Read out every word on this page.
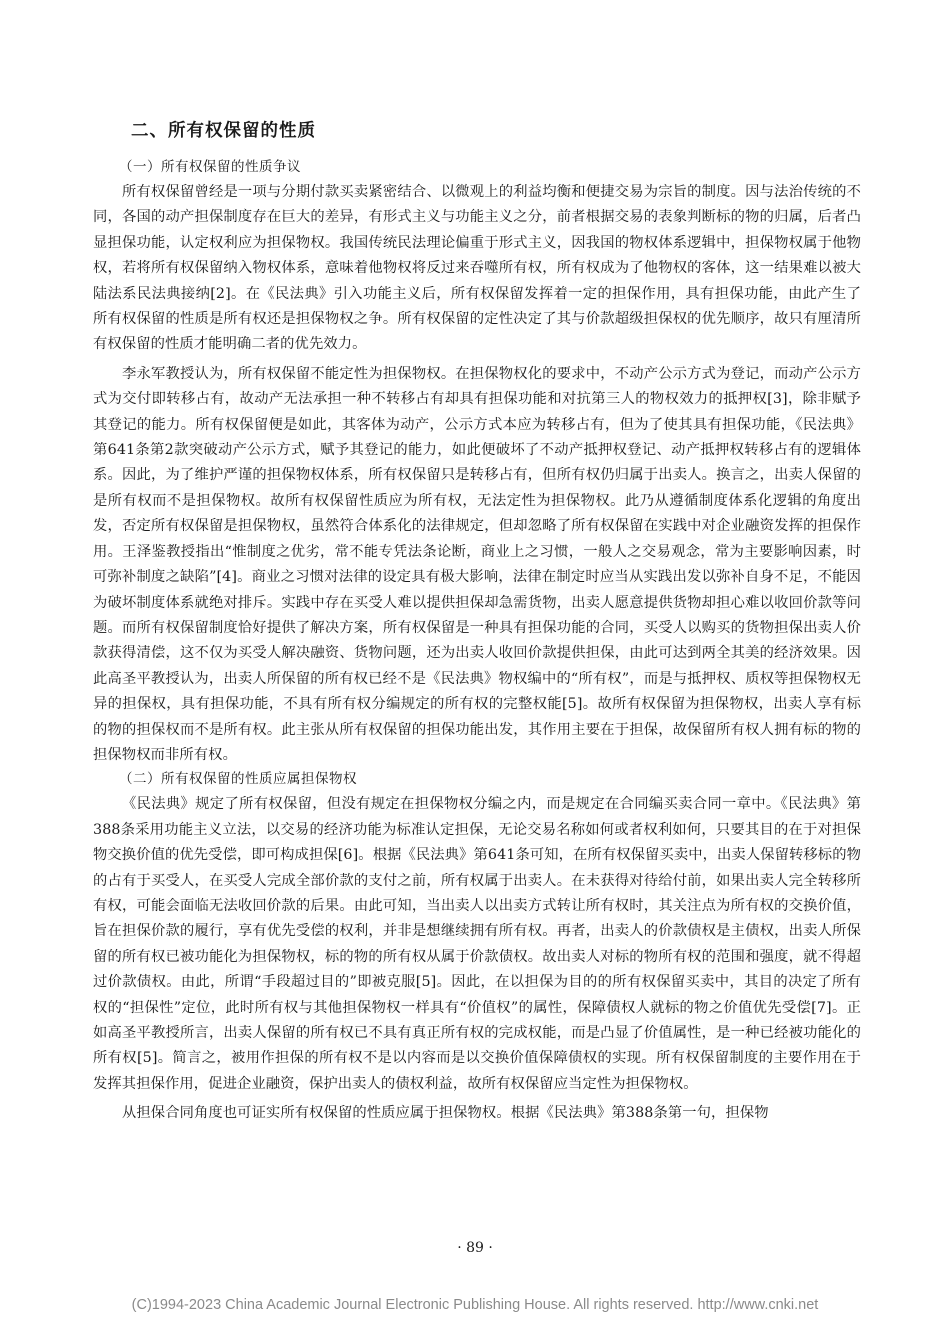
二、所有权保留的性质
（一）所有权保留的性质争议

所有权保留曾经是一项与分期付款买卖紧密结合、以微观上的利益均衡和便捷交易为宗旨的制度。因与法治传统的不同，各国的动产担保制度存在巨大的差异，有形式主义与功能主义之分，前者根据交易的表象判断标的物的归属，后者凸显担保功能，认定权利应为担保物权。我国传统民法理论偏重于形式主义，因我国的物权体系逻辑中，担保物权属于他物权，若将所有权保留纳入物权体系，意味着他物权将反过来吞噬所有权，所有权成为了他物权的客体，这一结果难以被大陆法系民法典接纳[2]。在《民法典》引入功能主义后，所有权保留发挥着一定的担保作用，具有担保功能，由此产生了所有权保留的性质是所有权还是担保物权之争。所有权保留的定性决定了其与价款超级担保权的优先顺序，故只有厘清所有权保留的性质才能明确二者的优先效力。

李永军教授认为，所有权保留不能定性为担保物权。在担保物权化的要求中，不动产公示方式为登记，而动产公示方式为交付即转移占有，故动产无法承担一种不转移占有却具有担保功能和对抗第三人的物权效力的抵押权[3]，除非赋予其登记的能力。所有权保留便是如此，其客体为动产，公示方式本应为转移占有，但为了使其具有担保功能，《民法典》第641条第2款突破动产公示方式，赋予其登记的能力，如此便破坏了不动产抵押权登记、动产抵押权转移占有的逻辑体系。因此，为了维护严谨的担保物权体系，所有权保留只是转移占有，但所有权仍归属于出卖人。换言之，出卖人保留的是所有权而不是担保物权。故所有权保留性质应为所有权，无法定性为担保物权。此乃从遵循制度体系化逻辑的角度出发，否定所有权保留是担保物权，虽然符合体系化的法律规定，但却忽略了所有权保留在实践中对企业融资发挥的担保作用。王泽鉴教授指出“惟制度之优劣，常不能专凭法条论断，商业上之习惯，一般人之交易观念，常为主要影响因素，时可弥补制度之缺陷”[4]。商业之习惯对法律的设定具有极大影响，法律在制定时应当从实践出发以弥补自身不足，不能因为破坏制度体系就绝对排斥。实践中存在买受人难以提供担保却急需货物，出卖人愿意提供货物却担心难以收回价款等问题。而所有权保留制度恰好提供了解决方案，所有权保留是一种具有担保功能的合同，买受人以购买的货物担保出卖人价款获得清偿，这不仅为买受人解决融资、货物问题，还为出卖人收回价款提供担保，由此可达到两全其美的经济效果。因此高圣平教授认为，出卖人所保留的所有权已经不是《民法典》物权编中的“所有权”，而是与抵押权、质权等担保物权无异的担保权，具有担保功能，不具有所有权分编规定的所有权的完整权能[5]。故所有权保留为担保物权，出卖人享有标的物的担保权而不是所有权。此主张从所有权保留的担保功能出发，其作用主要在于担保，故保留所有权人拥有标的物的担保物权而非所有权。

（二）所有权保留的性质应属担保物权

《民法典》规定了所有权保留，但没有规定在担保物权分编之内，而是规定在合同编买卖合同一章中。《民法典》第388条采用功能主义立法，以交易的经济功能为标准认定担保，无论交易名称如何或者权利如何，只要其目的在于对担保物交换价值的优先受偿，即可构成担保[6]。根据《民法典》第641条可知，在所有权保留买卖中，出卖人保留转移标的物的占有于买受人，在买受人完成全部价款的支付之前，所有权属于出卖人。在未获得对待给付前，如果出卖人完全转移所有权，可能会面临无法收回价款的后果。由此可知，当出卖人以出卖方式转让所有权时，其关注点为所有权的交换价值，旨在担保价款的履行，享有优先受偿的权利，并非是想继续拥有所有权。再者，出卖人的价款债权是主债权，出卖人所保留的所有权已被功能化为担保物权，标的物的所有权从属于价款债权。故出卖人对标的物所有权的范围和强度，就不得超过价款债权。由此，所谓“手段超过目的”即被克服[5]。因此，在以担保为目的的所有权保留买卖中，其目的决定了所有权的“担保性”定位，此时所有权与其他担保物权一样具有“价值权”的属性，保障债权人就标的物之价值优先受偿[7]。正如高圣平教授所言，出卖人保留的所有权已不具有真正所有权的完成权能，而是凸显了价值属性，是一种已经被功能化的所有权[5]。简言之，被用作担保的所有权不是以内容而是以交换价值保障债权的实现。所有权保留制度的主要作用在于发挥其担保作用，促进企业融资，保护出卖人的债权利益，故所有权保留应当定性为担保物权。

从担保合同角度也可证实所有权保留的性质应属于担保物权。根据《民法典》第388条第一句，担保物

· 89 ·
(C)1994-2023 China Academic Journal Electronic Publishing House. All rights reserved. http://www.cnki.net
